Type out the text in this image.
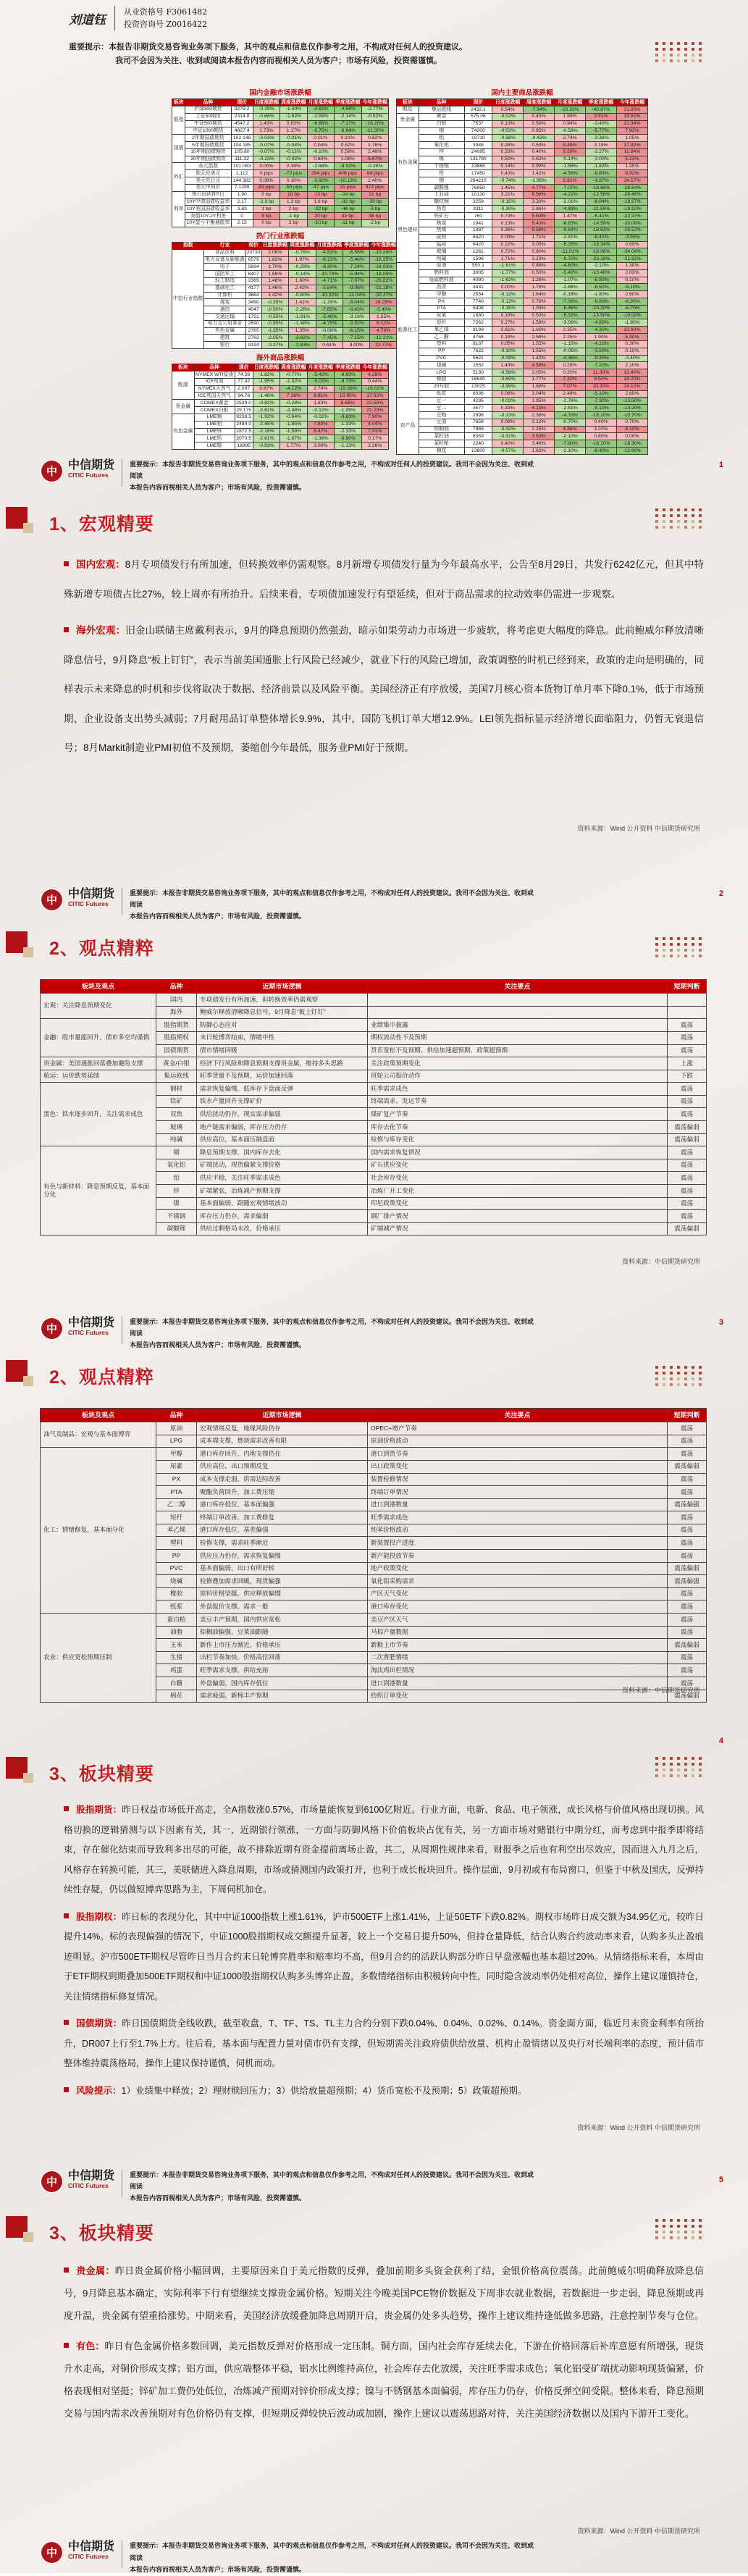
刘道钰
从业资格号 F3061482
投资咨询号 Z0016422
重要提示：本报告非期货交易咨询业务项下服务，其中的观点和信息仅作参考之用，不构成对任何人的投资建议。
我司不会因为关注、收到或阅读本报告内容而视相关人员为客户；市场有风险，投资需谨慎。
国内金融市场涨跌幅
板块	品种	现价	日度涨跌幅	周度涨跌幅	月度涨跌幅	季度涨跌幅	今年涨跌幅
股指	沪深300期货	3275.2	-0.19%	-1.40%	-4.82%	-4.66%	-2.77%
	上证50期货	2314.8	-0.68%	-1.62%	-2.58%	-2.14%	-0.52%
	中证500期货	4547.2	1.43%	0.63%	-6.68%	-7.27%	-16.20%
	中证1000期货	4827.4	1.73%	1.17%	-6.75%	-6.68%	-21.30%
国债	2年期国债期货	102.148	-0.03%	-0.01%	0.01%	0.21%	0.82%
	5年期国债期货	104.185	-0.07%	-0.04%	0.04%	0.52%	1.76%
	10年期国债期货	105.80	-0.07%	-0.11%	-0.10%	0.58%	2.46%
	30年期国债期货	111.32	-0.13%	-0.42%	0.60%	1.08%	5.67%
外汇	美元指数	101.063	0.00%	0.39%	-2.88%	-4.32%	-0.26%
	欧元兑美元	1.112	0 pips	-73 pips	294 pips	406 pips	84 pips
	美元兑日元	144.382	0.08%	0.10%	-3.60%	-10.13%	2.40%
	美元中间价	7.1299	83 pips	-59 pips	-47 pips	31 pips	472 pips
利率	银行间质押7日	1.90	0 bp	10 bp	13 bp	-24 bp	21 bp
	10Y中债国债收益率	2.17	-2.3 bp	1.3 bp	1.8 bp	-32 bp	-39 bp
	10Y美国国债收益率	3.83	1 bp	2 bp	-32 bp	-46 bp	-5 bp
	美债10Y-2Y利差	0	9 bp	-1 bp	20 bp	41 bp	38 bp
	10Y盈亏平衡通胀率	2.15	0 bp	2 bp	-10 bp	-11 bp	-2 bp
热门行业涨跌幅
指数	行业	现价	日度涨跌幅	周度涨跌幅	月度涨跌幅	季度涨跌幅	今年涨跌幅
中信行业指数	食品饮料	20733	2.06%	-0.76%	-4.53%	-6.56%	-19.24%
	电力设备及新能源	6579	1.82%	1.97%	-6.13%	-5.46%	-16.25%
	电子	5694	1.70%	-0.29%	-8.30%	-7.24%	-18.03%
	国防军工	6407	1.68%	-0.14%	-10.78%	-5.94%	-18.05%
	轻工制造	2385	1.48%	1.60%	-4.71%	-7.07%	-25.02%
	基础化工	4177	1.46%	2.42%	-5.84%	-9.06%	-21.18%
	计算机	3664	1.42%	-0.60%	-10.32%	-11.04%	-30.27%
	煤炭	3450	-0.35%	1.41%	-1.29%	-9.04%	16.29%
	通信	4047	-0.50%	-2.26%	-7.65%	-9.43%	-5.40%
	交通运输	1751	-0.55%	-1.91%	-5.48%	-3.16%	1.55%
	电力及公用事业	2690	-0.85%	-1.48%	-4.75%	-3.52%	6.12%
	有色金属	2765	-1.35%	1.35%	-0.08%	-6.15%	4.70%
	建筑	2762	-2.05%	-3.62%	-7.45%	-7.15%	-12.21%
	银行	9194	-3.27%	-3.63%	0.61%	3.00%	22.77%
海外商品涨跌幅
板块	品种	现价	日度涨跌幅	周度涨跌幅	月度涨跌幅	季度涨跌幅	今年涨跌幅
能源	NYMEX WTI原油	74.38	-1.82%	-0.77%	-5.42%	-6.63%	4.28%
	ICE布油	77.42	-1.95%	-1.82%	-5.02%	-8.73%	0.44%
	NYMEX天然气	2.097	0.87%	-4.12%	2.74%	-19.38%	-16.02%
	ICE英国天然气	94.78	-1.48%	7.16%	8.81%	15.95%	17.92%
贵金属	COMEX黄金	2539.0	-0.82%	-0.28%	1.83%	8.65%	22.55%
	COMEX白银	29.175	-2.81%	-2.46%	-0.12%	-1.05%	21.23%
有色金属	LME铜	9238.5	-1.92%	-0.64%	-0.02%	-3.63%	7.90%
	LME铝	2484.0	-2.45%	-1.85%	7.80%	-1.33%	4.04%
	LME锌	2872.5	-2.18%	-1.56%	6.47%	-2.33%	7.91%
	LME铅	2070.5	-2.61%	-1.87%	-1.38%	-6.80%	0.17%
	LME镍	16895	-0.93%	1.77%	3.00%	-1.13%	2.26%
国内主要商品涨跌幅
板块	品种	现价	日度涨跌幅	周度涨跌幅	月度涨跌幅	季度涨跌幅	今年涨跌幅
航运	集运欧线	2433.1	0.54%	-7.94%	-23.33%	-40.87%	21.90%
贵金属	黄金	575.06	-0.02%	0.43%	1.59%	3.91%	19.62%
	白银	7537	0.13%	0.59%	0.94%	-3.40%	21.34%
有色金属	铜	74200	-0.02%	0.95%	-0.58%	-5.77%	7.92%
	铝	19710	-0.98%	-0.43%	2.74%	-3.38%	1.05%
	氧化铝	3948	0.28%	0.53%	9.48%	3.19%	17.92%
	锌	24095	0.33%	0.40%	5.59%	-2.27%	11.84%
	镍	131790	0.50%	0.62%	-0.14%	-3.00%	5.23%
	不锈钢	13865	0.14%	0.98%	-1.56%	-1.63%	1.35%
	铅	17450	0.43%	1.42%	-4.56%	-8.83%	8.92%
	锡	264210	-0.74%	-1.95%	5.91%	-3.87%	24.57%
	碳酸锂	76850	1.45%	4.77%	-7.07%	-18.68%	-28.64%
	工业硅	10130	3.21%	5.58%	-4.21%	-12.56%	-28.46%
黑色建材	螺纹钢	3259	-0.15%	3.33%	-2.01%	-8.04%	-18.57%
	热卷	3311	-0.30%	2.86%	-4.83%	-11.59%	-19.52%
	铁矿石	760	0.73%	5.63%	1.47%	-5.41%	-22.37%
	焦炭	1941	0.13%	5.43%	-6.83%	-14.59%	-20.09%
	焦煤	1387	0.36%	5.58%	-9.64%	-18.63%	-26.52%
	硅铁	6420	0.09%	1.71%	-2.81%	-6.41%	-3.55%
	锰硅	6420	0.22%	3.05%	-5.25%	-18.34%	0.69%
	玻璃	1261	0.72%	0.80%	-11.01%	-18.96%	-34.08%
	纯碱	1596	1.71%	3.23%	-8.70%	-22.18%	-21.92%
能源化工	原油	550.1	-1.61%	0.88%	-4.60%	-3.10%	1.30%
	燃料油	3005	-1.77%	0.50%	-5.42%	-13.40%	2.03%
	低硫燃料油	4080	-1.62%	1.26%	-1.07%	-8.90%	0.10%
	沥青	3431	0.00%	1.78%	-2.86%	-6.50%	-5.10%
	甲醇	2534	-0.12%	1.64%	-0.16%	-1.80%	2.60%
	PX	7740	-0.13%	0.76%	-7.06%	-9.80%	-6.30%
	PTA	5408	-0.15%	1.05%	-6.46%	-10.20%	-8.70%
	尿素	1880	0.18%	0.53%	-5.32%	-13.50%	-19.00%
	短纤	7262	0.27%	1.59%	-3.06%	-4.80%	-1.90%
	苯乙烯	9199	0.61%	1.60%	2.35%	-4.30%	13.60%
	乙二醇	4768	0.19%	2.58%	2.25%	1.90%	5.30%
	塑料	8137	0.05%	1.55%	-1.15%	-4.10%	0.30%
	PP	7622	-0.10%	1.55%	-0.05%	-3.50%	0.10%
	PVC	5621	-0.08%	1.43%	-4.36%	-9.30%	-3.40%
	烧碱	2552	1.43%	4.59%	0.28%	-7.20%	2.10%
	LPG	5130	-0.58%	3.05%	0.20%	11.30%	12.40%
	橡胶	16640	-0.69%	1.77%	7.22%	8.50%	18.20%
	20号胶	13025	-0.99%	1.68%	7.07%	10.30%	24.10%
	纸浆	6036	0.08%	3.04%	2.48%	-5.10%	2.60%
农产品	豆一	4295	-0.02%	1.95%	-2.76%	-7.30%	-13.50%
	豆二	3577	0.33%	4.13%	-2.81%	-8.10%	-13.20%
	豆粕	2998	-0.13%	2.36%	-4.70%	-15.10%	-10.70%
	豆油	7658	0.08%	3.12%	-0.70%	0.40%	0.70%
	棕榈油	7988	-0.32%	2.25%	4.36%	3.20%	8.10%
	菜籽油	8359	-0.31%	3.53%	-2.10%	0.80%	0.00%
	菜籽粕	2240	0.40%	3.46%	-7.80%	-18.10%	-18.30%
	棉花	13800	-0.07%	1.62%	-2.10%	-8.40%	-12.60%
中
中信期货
CITIC Futures
重要提示：本报告非期货交易咨询业务项下服务，其中的观点和信息仅作参考之用，不构成对任何人的投资建议。我司不会因为关注、收到或阅读
本报告内容而视相关人员为客户；市场有风险，投资需谨慎。
1
1、宏观精要

国内宏观：8月专项债发行有所加速，但转换效率仍需观察。8月新增专项债发行量为今年最高水平，公告至8月29日，共发行6242亿元，但其中特殊新增专项债占比27%，较上周亦有所抬升。后续来看，专项债加速发行有望延续，但对于商品需求的拉动效率仍需进一步观察。

海外宏观：旧金山联储主席戴利表示，9月的降息预期仍然强劲，暗示如果劳动力市场进一步疲软，将考虑更大幅度的降息。此前鲍威尔释放清晰降息信号，9月降息“板上钉钉”，表示当前美国通胀上行风险已经减少，就业下行的风险已增加，政策调整的时机已经到来，政策的走向是明确的，同样表示未来降息的时机和步伐将取决于数据、经济前景以及风险平衡。美国经济正有序放缓，美国7月核心资本货物订单月率下降0.1%，低于市场预期，企业设备支出势头减弱；7月耐用品订单整体增长9.9%，其中，国防飞机订单大增12.9%。LEI领先指标显示经济增长面临阻力，仍暂无衰退信号；8月Markit制造业PMI初值不及预期，萎缩创今年最低，服务业PMI好于预期。

资料来源：Wind 公开资料 中信期货研究所
中
中信期货
CITIC Futures
重要提示：本报告非期货交易咨询业务项下服务，其中的观点和信息仅作参考之用，不构成对任何人的投资建议。我司不会因为关注、收到或阅读
本报告内容而视相关人员为客户；市场有风险，投资需谨慎。
2
2、观点精粹
板块及观点	品种	近期市场逻辑	关注要点	短期判断
宏观：关注降息预期变化	国内	专项债发行有所加速，但转换效率仍需观察		
	海外	鲍威尔释放清晰降息信号，9月降息“板上钉钉”		
金融：股市量能回升，债市多空均谨慎	股指期货	防御心态应对	业绩集中披露	震荡
	股指期权	末日轮博弈结束，情绪中性	期权流动性不及预期	震荡
	国债期货	债市情绪回暖	货币宽松不及预期、供给加速超预期、政策超预期	震荡
贵金属：美国通胀回落叠加避险支撑	黄金/白银	经济下行风险和降息预期支撑贵金属，维持多头思路	关注政策预期变化	上涨
航运：运价跌势延续	集运欧线	旺季货量不及预期，运价加速回落	班轮公司挺价动作	下跌
黑色：铁水逐步回升，关注需求成色	钢材	需求恢复偏慢，低库存下盘面反弹	旺季需求成色	震荡
	铁矿	铁水产量回升支撑矿价	终端需求、发运节奏	震荡
	双焦	供给扰动仍存，现实需求偏弱	煤矿复产节奏	震荡
	玻璃	地产链需求偏弱，库存压力仍存	库存去化节奏	震荡偏弱
	纯碱	供应高位，基本面压制盘面	检修与库存变化	震荡偏弱
有色与新材料：降息预期反复，基本面分化	铜	降息预期支撑，国内库存去化	国内需求恢复情况	震荡
	氧化铝	矿端扰动，现货偏紧支撑价格	矿石供应变化	震荡
	铝	供应平稳，关注旺季需求成色	社会库存变化	震荡
	锌	矿端紧张，冶炼减产预期支撑	冶炼厂开工变化	震荡
	镍	基本面偏弱，跟随宏观情绪波动	印尼政策变化	震荡
	不锈钢	库存压力仍存，需求偏弱	钢厂排产情况	震荡
	碳酸锂	供给过剩格局未改，价格承压	矿端减产情况	震荡偏弱
资料来源：中信期货研究所
中
中信期货
CITIC Futures
重要提示：本报告非期货交易咨询业务项下服务，其中的观点和信息仅作参考之用，不构成对任何人的投资建议。我司不会因为关注、收到或阅读
本报告内容而视相关人员为客户；市场有风险，投资需谨慎。
3
2、观点精粹
板块及观点	品种	近期市场逻辑	关注要点	短期判断
油气及制品：宏观与基本面博弈	原油	宏观情绪反复，地缘风险仍存	OPEC+增产节奏	震荡
	LPG	成本端支撑，燃烧需求改善有限	原油价格波动	震荡
化工：情绪修复，基本面分化	甲醇	港口库存回升，内地支撑仍在	港口到货节奏	震荡
	尿素	供应高位，出口预期反复	出口政策变化	震荡偏弱
	PX	成本支撑走弱，供需边际改善	装置检修情况	震荡
	PTA	聚酯负荷回升，加工费压缩	终端订单情况	震荡
	乙二醇	港口库存低位，基本面偏强	进口到港数量	震荡偏强
	短纤	终端订单改善，加工费修复	旺季需求成色	震荡
	苯乙烯	港口库存低位，基差偏强	纯苯价格波动	震荡
	塑料	检修支撑，需求旺季渐近	新装置投产进度	震荡
	PP	供应压力仍存，需求恢复偏慢	新产能投放节奏	震荡
	PVC	基本面偏弱，出口有所好转	地产政策变化	震荡偏弱
	烧碱	检修叠加需求回暖，现货偏强	氧化铝采购需求	震荡偏强
	橡胶	原料价格坚挺，供应释放偏慢	产区天气变化	震荡
	纸浆	外盘报价支撑，需求一般	港口库存变化	震荡
农业：供应宽松预期压制	蛋白粕	美豆丰产预期，国内供应宽松	美豆产区天气	震荡
	油脂	棕榈油偏强，豆菜油跟随	马棕产量数据	震荡
	玉米	新作上市压力渐近，价格承压	新粮上市节奏	震荡偏弱
	生猪	出栏节奏加快，价格高位回落	二次育肥情绪	震荡
	鸡蛋	旺季需求支撑，供给充裕	淘汰鸡出栏情况	震荡
	白糖	外盘偏弱，国内库存低位	进口到港数量	震荡
	棉花	需求疲弱，新棉丰产预期	纺织订单变化	震荡偏弱
资料来源：中信期货研究所
4
3、板块精要

股指期货：昨日权益市场低开高走，全A指数涨0.57%，市场量能恢复到6100亿附近。行业方面，电新、食品、电子领涨，成长风格与价值风格出现切换。风格切换的逻辑猜测与以下因素有关，其一，近期银行领涨，一方面与防御风格下价值板块占优有关，另一方面市场对赌银行中期分红，而考虑到中报季即将结束，存在催化结束而导致利多出尽的可能，故不排除近期有资金提前离场止盈，其二，从周期性规律来看，财报季之后也有利空出尽效应，因而进入九月之后，风格存在转换可能，其三，美联储进入降息周期，市场或猜测国内政策打开，也利于成长板块回升。操作层面，9月初或有布局窗口，但鉴于中秋及国庆，反弹持续性存疑，仍以做短博弈思路为主，下周伺机加仓。

股指期权：昨日标的表现分化，其中中证1000指数上涨1.61%，沪市500ETF上涨1.41%，上证50ETF下跌0.82%。期权市场昨日成交额为34.95亿元，较昨日提升14%。标的表现偏强的情况下，中证1000股指期权成交额提升显著，较上一个交易日提升50%，但持仓量降低，结合认购合约波动率来看，认购多头止盈痕迹明显。沪市500ETF期权尽管昨日当月合约末日轮博弈胜率和赔率均不高，但9月合约的活跃认购部分昨日早盘涨幅也基本超过20%。从情绪指标来看，本周由于ETF期权到期叠加500ETF期权和中证1000股指期权认购多头博弈止盈，多数情绪指标由积极转向中性，同时隐含波动率仍处相对高位，操作上建议谨慎持仓，关注情绪指标修复情况。

国债期货：昨日国债期货全线收跌，截至收盘，T、TF、TS、TL主力合约分别下跌0.04%、0.04%、0.02%、0.14%。资金面方面，临近月末资金利率有所抬升，DR007上行至1.7%上方。往后看，基本面与配置力量对债市仍有支撑，但短期需关注政府债供给放量、机构止盈情绪以及央行对长端利率的态度，预计债市整体维持震荡格局，操作上建议保持谨慎，伺机而动。

风险提示：1）业绩集中释放；2）理财赎回压力；3）供给放量超预期；4）货币宽松不及预期；5）政策超预期。

资料来源：Wind 公开资料 中信期货研究所
中
中信期货
CITIC Futures
重要提示：本报告非期货交易咨询业务项下服务，其中的观点和信息仅作参考之用，不构成对任何人的投资建议。我司不会因为关注、收到或阅读
本报告内容而视相关人员为客户；市场有风险，投资需谨慎。
5
3、板块精要

贵金属：昨日贵金属价格小幅回调，主要原因来自于美元指数的反弹，叠加前期多头资金获利了结，金银价格高位震荡。此前鲍威尔明确释放降息信号，9月降息基本确定，实际利率下行有望继续支撑贵金属价格。短期关注今晚美国PCE物价数据及下周非农就业数据，若数据进一步走弱，降息预期或再度升温，贵金属有望重拾涨势。中期来看，美国经济放缓叠加降息周期开启，贵金属仍处多头趋势，操作上建议维持逢低做多思路，注意控制节奏与仓位。

有色：昨日有色金属价格多数回调，美元指数反弹对价格形成一定压制。铜方面，国内社会库存延续去化，下游在价格回落后补库意愿有所增强，现货升水走高，对铜价形成支撑；铝方面，供应端整体平稳，铝水比例维持高位，社会库存去化放缓，关注旺季需求成色；氧化铝受矿端扰动影响现货偏紧，价格表现相对坚挺；锌矿加工费仍处低位，冶炼减产预期对锌价形成支撑；镍与不锈钢基本面偏弱，库存压力仍存，价格反弹空间受限。整体来看，降息预期交易与国内需求改善预期对有色价格仍有支撑，但短期反弹较快后波动或加剧，操作上建议以震荡思路对待，关注美国经济数据以及国内下游开工变化。

资料来源：Wind 公开资料 中信期货研究所
中
中信期货
CITIC Futures
重要提示：本报告非期货交易咨询业务项下服务，其中的观点和信息仅作参考之用，不构成对任何人的投资建议。我司不会因为关注、收到或阅读
本报告内容而视相关人员为客户；市场有风险，投资需谨慎。
